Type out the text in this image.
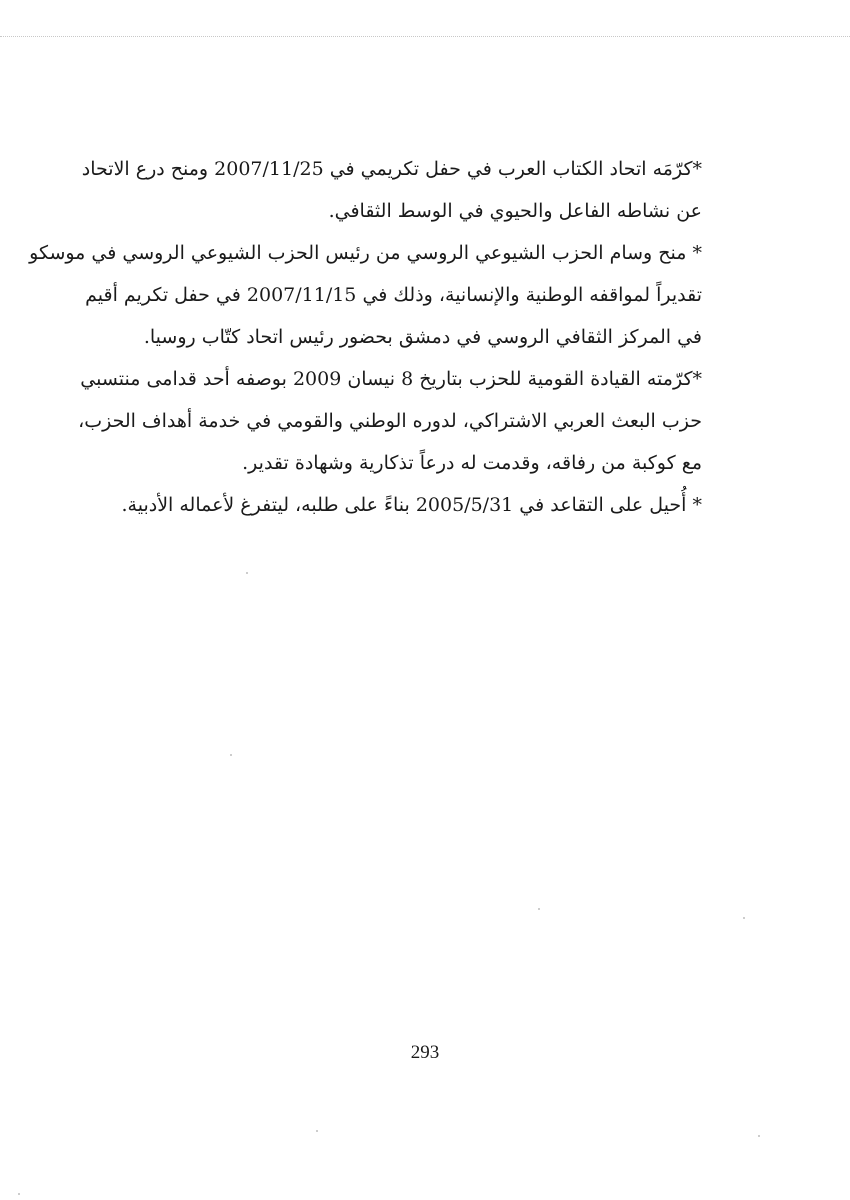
*كرّمَه اتحاد الكتاب العرب في حفل تكريمي في 2007/11/25 ومنح درع الاتحاد
عن نشاطه الفاعل والحيوي في الوسط الثقافي.
* منح وسام الحزب الشيوعي الروسي من رئيس الحزب الشيوعي الروسي في موسكو
تقديراً لمواقفه الوطنية والإنسانية، وذلك في 2007/11/15 في حفل تكريم أقيم
في المركز الثقافي الروسي في دمشق بحضور رئيس اتحاد كتّاب روسيا.
*كرّمته القيادة القومية للحزب بتاريخ 8 نيسان 2009 بوصفه أحد قدامى منتسبي
حزب البعث العربي الاشتراكي، لدوره الوطني والقومي في خدمة أهداف الحزب،
مع كوكبة من رفاقه، وقدمت له درعاً تذكارية وشهادة تقدير.
* أُحيل على التقاعد في 2005/5/31 بناءً على طلبه، ليتفرغ لأعماله الأدبية.
293
